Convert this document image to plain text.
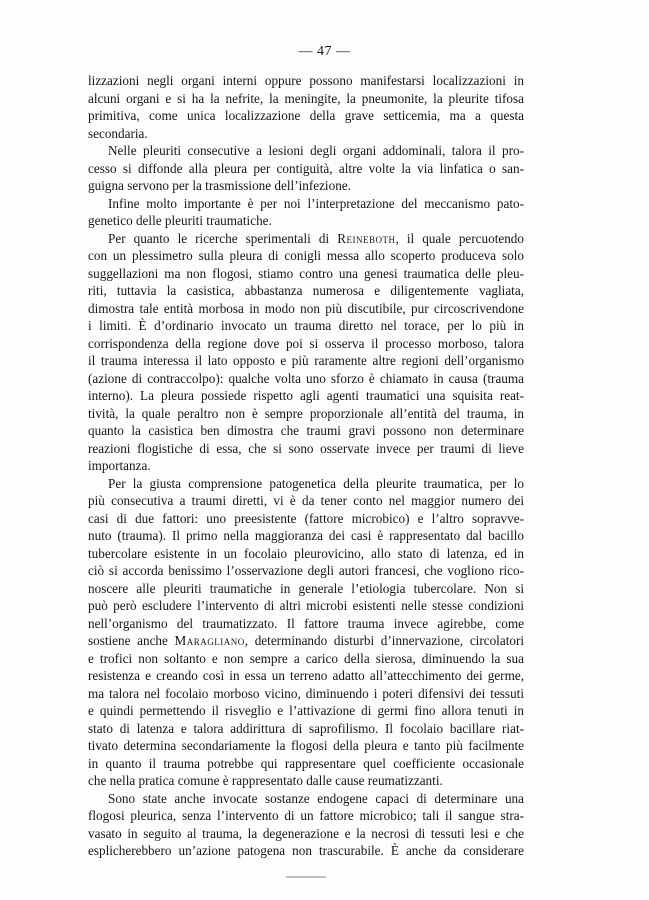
— 47 —
lizzazioni negli organi interni oppure possono manifestarsi localizzazioni in
alcuni organi e si ha la nefrite, la meningite, la pneumonite, la pleurite tifosa
primitiva, come unica localizzazione della grave setticemia, ma a questa
secondaria.
Nelle pleuriti consecutive a lesioni degli organi addominali, talora il pro-
cesso si diffonde alla pleura per contiguità, altre volte la via linfatica o san-
guigna servono per la trasmissione dell’infezione.
Infine molto importante è per noi l’interpretazione del meccanismo pato-
genetico delle pleuriti traumatiche.
Per quanto le ricerche sperimentali di Reineboth, il quale percuotendo
con un plessimetro sulla pleura di conigli messa allo scoperto produceva solo
suggellazioni ma non flogosi, stiamo contro una genesi traumatica delle pleu-
riti, tuttavia la casistica, abbastanza numerosa e diligentemente vagliata,
dimostra tale entità morbosa in modo non più discutibile, pur circoscrivendone
i limiti. È d’ordinario invocato un trauma diretto nel torace, per lo più in
corrispondenza della regione dove poi si osserva il processo morboso, talora
il trauma interessa il lato opposto e più raramente altre regioni dell’organismo
(azione di contraccolpo): qualche volta uno sforzo è chiamato in causa (trauma
interno). La pleura possiede rispetto agli agenti traumatici una squisita reat-
tività, la quale peraltro non è sempre proporzionale all’entità del trauma, in
quanto la casistica ben dimostra che traumi gravi possono non determinare
reazioni flogistiche di essa, che si sono osservate invece per traumi di lieve
importanza.
Per la giusta comprensione patogenetica della pleurite traumatica, per lo
più consecutiva a traumi diretti, vi è da tener conto nel maggior numero dei
casi di due fattori: uno preesistente (fattore microbico) e l’altro sopravve-
nuto (trauma). Il primo nella maggioranza dei casi è rappresentato dal bacillo
tubercolare esistente in un focolaio pleurovicino, allo stato di latenza, ed in
ciò si accorda benissimo l’osservazione degli autori francesi, che vogliono rico-
noscere alle pleuriti traumatiche in generale l’etiologia tubercolare. Non si
può però escludere l’intervento di altri microbi esistenti nelle stesse condizioni
nell’organismo del traumatizzato. Il fattore trauma invece agirebbe, come
sostiene anche Maragliano, determinando disturbi d’innervazione, circolatori
e trofici non soltanto e non sempre a carico della sierosa, diminuendo la sua
resistenza e creando così in essa un terreno adatto all’attecchimento dei germe,
ma talora nel focolaio morboso vicino, diminuendo i poteri difensivi dei tessuti
e quindi permettendo il risveglio e l’attivazione di germi fino allora tenuti in
stato di latenza e talora addirittura di saprofilismo. Il focolaio bacillare riat-
tivato determina secondariamente la flogosi della pleura e tanto più facilmente
in quanto il trauma potrebbe qui rappresentare quel coefficiente occasionale
che nella pratica comune è rappresentato dalle cause reumatizzanti.
Sono state anche invocate sostanze endogene capaci di determinare una
flogosi pleurica, senza l’intervento di un fattore microbico; tali il sangue stra-
vasato in seguito al trauma, la degenerazione e la necrosi di tessuti lesi e che
esplicherebbero un’azione patogena non trascurabile. È anche da considerare
